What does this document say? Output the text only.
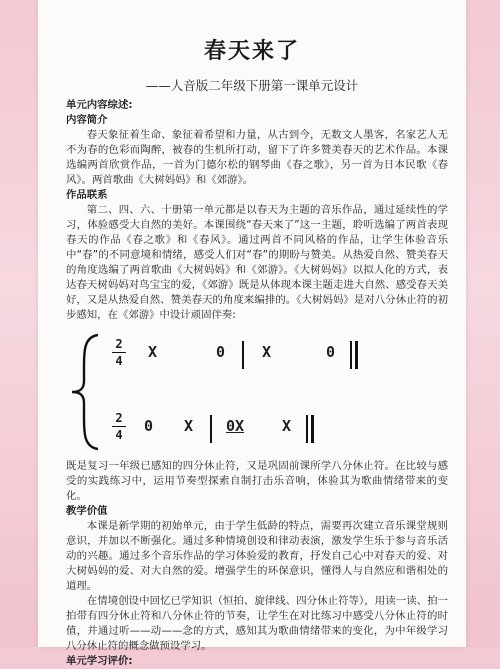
春天来了
——人音版二年级下册第一课单元设计

单元内容综述:

内容简介

春天象征着生命、象征着希望和力量，从古到今，无数文人墨客，名家艺人无不为春的色彩而陶醉，被春的生机所打动，留下了许多赞美春天的艺术作品。本课选编两首欣赏作品，一首为门德尔松的钢琴曲《春之歌》，另一首为日本民歌《春风》。两首歌曲《大树妈妈》和《郊游》。

作品联系

第二、四、六、十册第一单元都是以春天为主题的音乐作品，通过延续性的学习，体验感受大自然的美好。本课围绕“春天来了”这一主题，聆听选编了两首表现春天的作品《春之歌》和《春风》。通过两首不同风格的作品，让学生体验音乐中“春”的不同意境和情绪，感受人们对“春”的期盼与赞美。从热爱自然、赞美春天的角度选编了两首歌曲《大树妈妈》和《郊游》。《大树妈妈》以拟人化的方式，表达春天树妈妈对鸟宝宝的爱，《郊游》既是从体现本课主题走进大自然、感受春天美好，又是从热爱自然、赞美春天的角度来编排的。《大树妈妈》是对八分休止符的初步感知，在《郊游》中设计顽固伴奏:

2
4 X	0 X	0
2
4 0 X 0X	X

既是复习一年级已感知的四分休止符，又是巩固前课所学八分休止符。在比较与感受的实践练习中，运用节奏型探索自制打击乐音响，体验其为歌曲情绪带来的变化。

教学价值

本课是新学期的初始单元，由于学生低龄的特点，需要再次建立音乐课堂规则意识，并加以不断强化。通过多种情境创设和律动表演，激发学生乐于参与音乐活动的兴趣。通过多个音乐作品的学习体验爱的教育，抒发自己心中对春天的爱、对大树妈妈的爱、对大自然的爱。增强学生的环保意识，懂得人与自然应和谐相处的道理。

在情境创设中回忆已学知识（恒拍、旋律线、四分休止符等），用读一读、拍一拍带有四分休止符和八分休止符的节奏，让学生在对比练习中感受八分休止符的时值，并通过听——动——念的方式，感知其为歌曲情绪带来的变化，为中年级学习八分休止符的概念做预设学习。

单元学习评价:
